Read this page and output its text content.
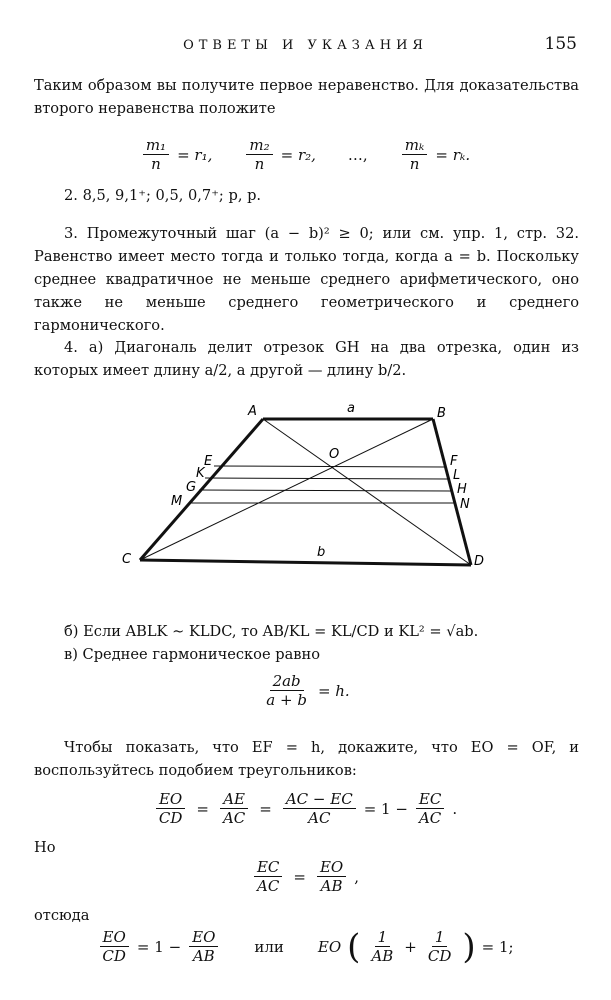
ОТВЕТЫ И УКАЗАНИЯ	155
Таким образом вы получите первое неравенство. Для доказательства второго неравенства положите
$\frac{\text{m₁}}{n} = r_1$, $\frac{\text{m₂}}{n} = r_2$, …, $\frac{\text{mₖ}}{n} = r_k$.
2. 8,5, 9,1⁺; 0,5, 0,7⁺; p, p.
3. Промежуточный шаг (a − b)² ≥ 0; или см. упр. 1, стр. 32. Равенство имеет место тогда и только тогда, когда a = b. Поскольку среднее квадратичное не меньше среднего арифметического, оно также не меньше среднего геометрического и среднего гармонического.
4. а) Диагональ делит отрезок GH на два отрезка, один из которых имеет длину a/2, а другой — длину b/2.
A	B
a
C	D
b
O
E
K
G
M
F
L
H
N
б) Если ABLK ∼ KLDC, то AB/KL = KL/CD и KL² = √ab.
в) Среднее гармоническое равно
$\frac{2ab}{a + b} = h$.
Чтобы показать, что EF = h, докажите, что EO = OF, и воспользуйтесь подобием треугольников:
$\frac{EO}{CD} = \frac{AE}{AC} = \frac{AC - EC}{AC} = 1 - \frac{EC}{AC}$ .
Но
$\frac{EC}{AC} = \frac{EO}{AB}$ ,
отсюда
$\frac{EO}{CD} = 1 - \frac{EO}{AB}$ или EO ( $\frac{1}{AB} + \frac{1}{CD}$ ) = 1;
